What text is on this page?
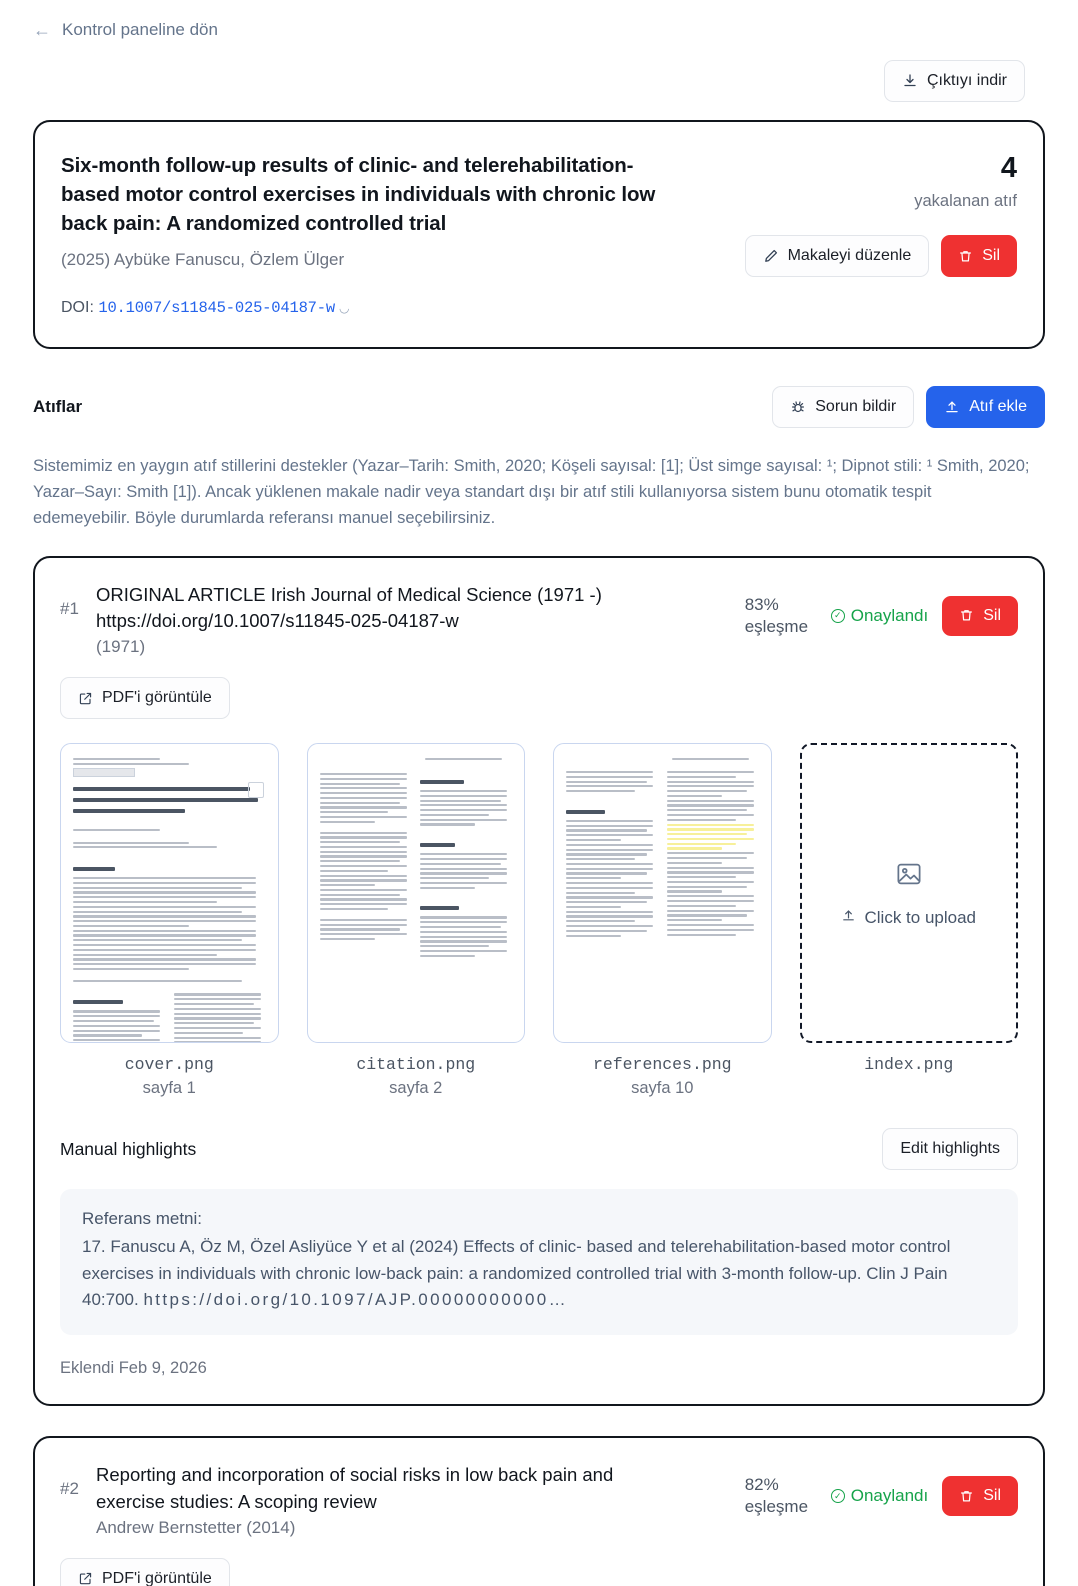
← Kontrol paneline dön
Çıktıyı indir
Six-month follow-up results of clinic- and telerehabilitation-based motor control exercises in individuals with chronic low back pain: A randomized controlled trial
(2025) Aybüke Fanuscu, Özlem Ülger
DOI: 10.1007/s11845-025-04187-w ◡
4
yakalanan atıf
Makaleyi düzenle	Sil
Atıflar	Sorun bildir	Atıf ekle
Sistemimiz en yaygın atıf stillerini destekler (Yazar–Tarih: Smith, 2020; Köşeli sayısal: [1]; Üst simge sayısal: ¹; Dipnot stili: ¹ Smith, 2020; Yazar–Sayı: Smith [1]). Ancak yüklenen makale nadir veya standart dışı bir atıf stili kullanıyorsa sistem bunu otomatik tespit edemeyebilir. Böyle durumlarda referansı manuel seçebilirsiniz.
#1
ORIGINAL ARTICLE Irish Journal of Medical Science (1971 -)
https://doi.org/10.1007/s11845-025-04187-w
(1971)
83%
eşleşme
✓ Onaylandı	Sil
PDF'i görüntüle
cover.png
sayfa 1
citation.png
sayfa 2
references.png
sayfa 10
Click to upload
index.png
Manual highlights	Edit highlights
Referans metni:
17. Fanuscu A, Öz M, Özel Asliyüce Y et al (2024) Effects of clinic- based and telerehabilitation-based motor control exercises in individuals with chronic low-back pain: a randomized controlled trial with 3-month follow-up. Clin J Pain 40:700. https://doi.org/10.1097/AJP.00000000000…
Eklendi Feb 9, 2026
#2
Reporting and incorporation of social risks in low back pain and
exercise studies: A scoping review
Andrew Bernstetter (2014)
82%
eşleşme
✓ Onaylandı	Sil
PDF'i görüntüle
